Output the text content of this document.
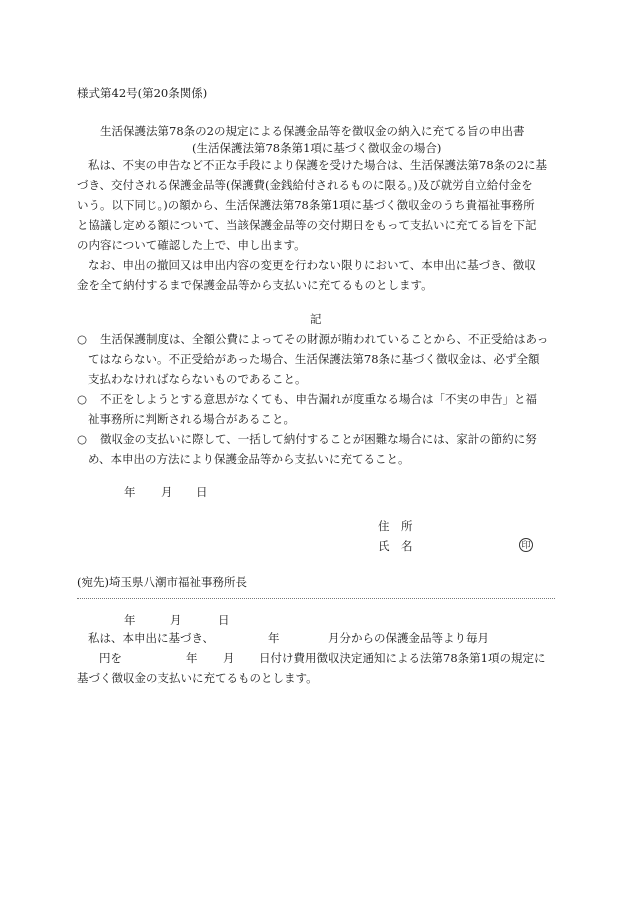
様式第42号(第20条関係)
生活保護法第78条の2の規定による保護金品等を徴収金の納入に充てる旨の申出書
(生活保護法第78条第1項に基づく徴収金の場合)
私は、不実の申告など不正な手段により保護を受けた場合は、生活保護法第78条の2に基
づき、交付される保護金品等(保護費(金銭給付されるものに限る。)及び就労自立給付金を
いう。以下同じ。)の額から、生活保護法第78条第1項に基づく徴収金のうち貴福祉事務所
と協議し定める額について、当該保護金品等の交付期日をもって支払いに充てる旨を下記
の内容について確認した上で、申し出ます。
なお、申出の撤回又は申出内容の変更を行わない限りにおいて、本申出に基づき、徴収
金を全て納付するまで保護金品等から支払いに充てるものとします。
記
○ 生活保護制度は、全額公費によってその財源が賄われていることから、不正受給はあっ
てはならない。不正受給があった場合、生活保護法第78条に基づく徴収金は、必ず全額
支払わなければならないものであること。
○ 不正をしようとする意思がなくても、申告漏れが度重なる場合は「不実の申告」と福
祉事務所に判断される場合があること。
○ 徴収金の支払いに際して、一括して納付することが困難な場合には、家計の節約に努
め、本申出の方法により保護金品等から支払いに充てること。
年 月 日
住　所
氏　名	印
(宛先)埼玉県八潮市福祉事務所長
年	月	日
私は、本申出に基づき、	年	月分からの保護金品等より毎月
円を	年 月 日付け費用徴収決定通知による法第78条第1項の規定に
基づく徴収金の支払いに充てるものとします。
